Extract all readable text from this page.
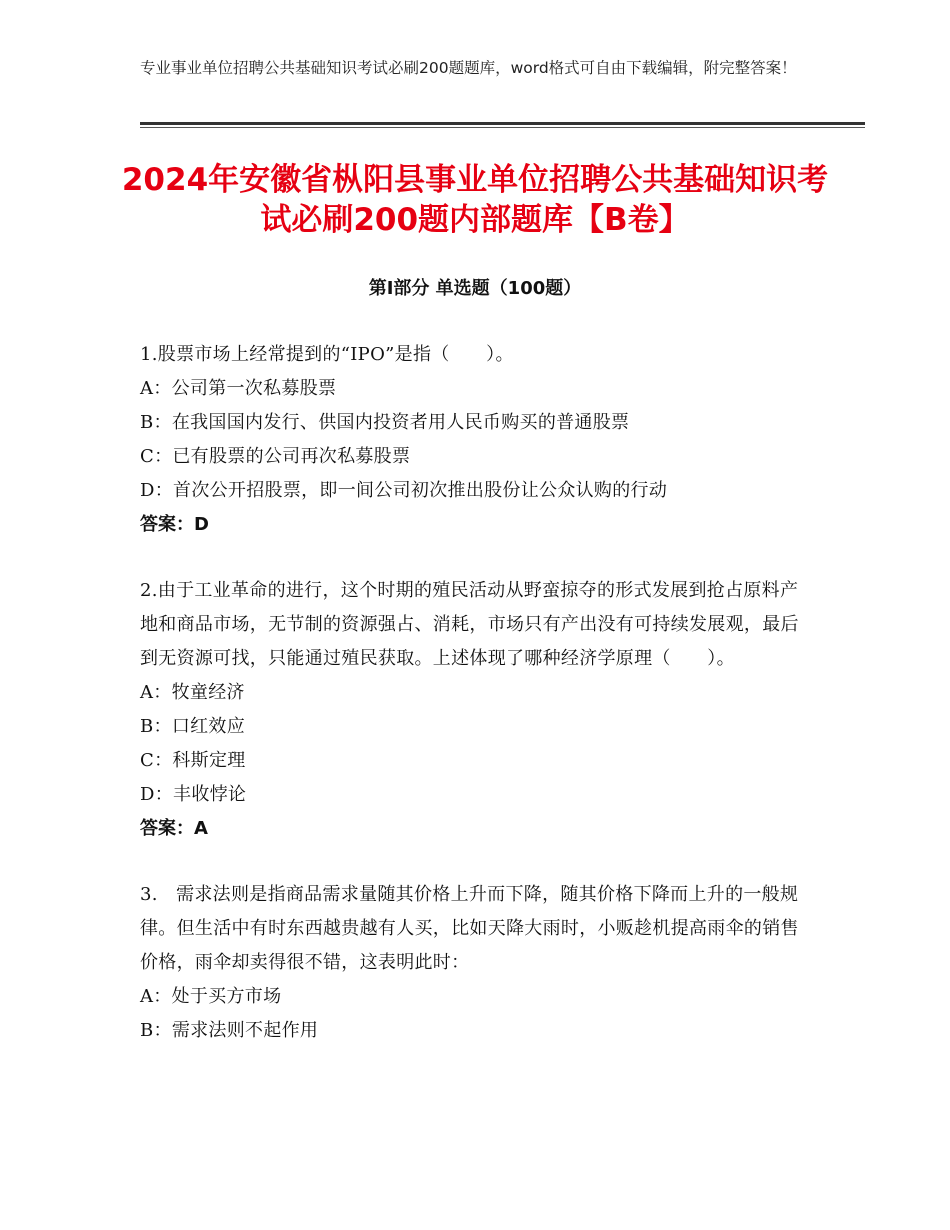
专业事业单位招聘公共基础知识考试必刷200题题库，word格式可自由下载编辑，附完整答案！
2024年安徽省枞阳县事业单位招聘公共基础知识考试必刷200题内部题库【B卷】
第Ⅰ部分 单选题（100题）
1.股票市场上经常提到的“IPO”是指（　　）。
A：公司第一次私募股票
B：在我国国内发行、供国内投资者用人民币购买的普通股票
C：已有股票的公司再次私募股票
D：首次公开招股票，即一间公司初次推出股份让公众认购的行动
答案：D
2.由于工业革命的进行，这个时期的殖民活动从野蛮掠夺的形式发展到抢占原料产地和商品市场，无节制的资源强占、消耗，市场只有产出没有可持续发展观，最后到无资源可找，只能通过殖民获取。上述体现了哪种经济学原理（　　）。
A：牧童经济
B：口红效应
C：科斯定理
D：丰收悖论
答案：A
3.　需求法则是指商品需求量随其价格上升而下降，随其价格下降而上升的一般规律。但生活中有时东西越贵越有人买，比如天降大雨时，小贩趁机提高雨伞的销售价格，雨伞却卖得很不错，这表明此时：
A：处于买方市场
B：需求法则不起作用
